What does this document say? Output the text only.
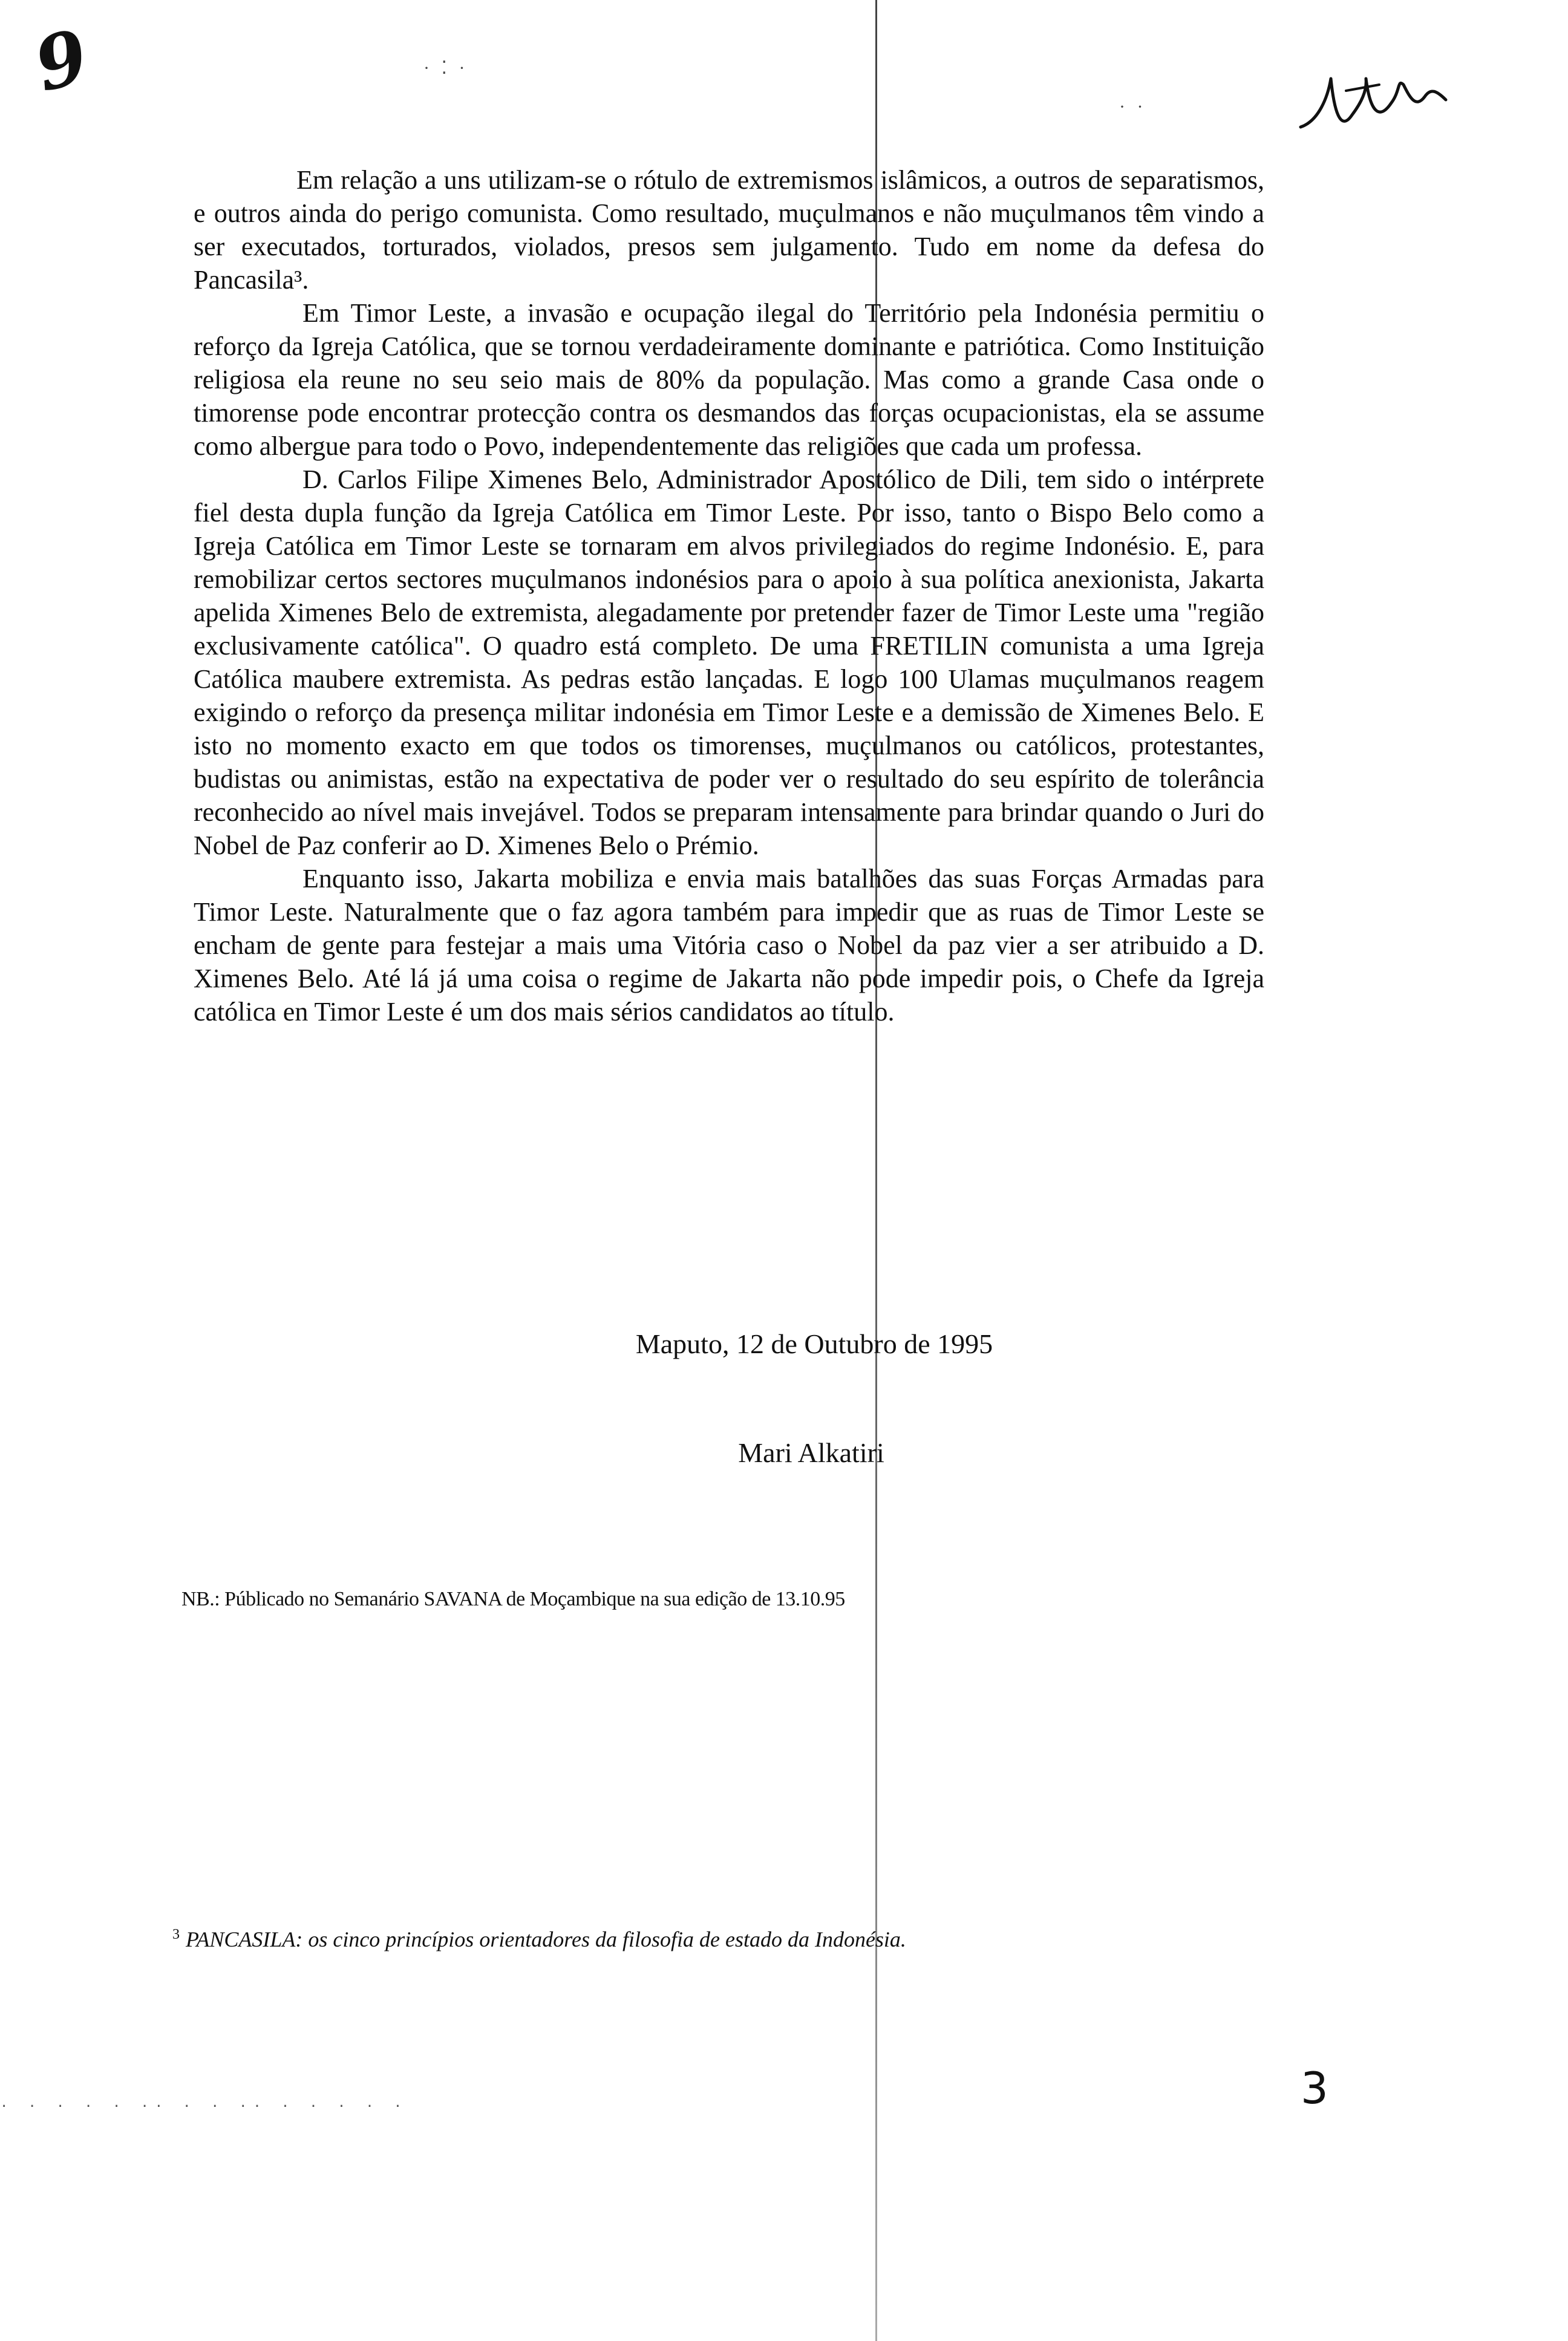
9	· ⁚ ·
· ·

Em relação a uns utilizam-se o rótulo de extremismos islâmicos, a outros de separatismos, e outros ainda do perigo comunista. Como resultado, muçulmanos e não muçulmanos têm vindo a ser executados, torturados, violados, presos sem julgamento. Tudo em nome da defesa do Pancasila³.

Em Timor Leste, a invasão e ocupação ilegal do Território pela Indonésia permitiu o reforço da Igreja Católica, que se tornou verdadeiramente dominante e patriótica. Como Instituição religiosa ela reune no seu seio mais de 80% da população. Mas como a grande Casa onde o timorense pode encontrar protecção contra os desmandos das forças ocupacionistas, ela se assume como albergue para todo o Povo, independentemente das religiões que cada um professa.

D. Carlos Filipe Ximenes Belo, Administrador Apostólico de Dili, tem sido o intérprete fiel desta dupla função da Igreja Católica em Timor Leste. Por isso, tanto o Bispo Belo como a Igreja Católica em Timor Leste se tornaram em alvos privilegiados do regime Indonésio. E, para remobilizar certos sectores muçulmanos indonésios para o apoio à sua política anexionista, Jakarta apelida Ximenes Belo de extremista, alegadamente por pretender fazer de Timor Leste uma "região exclusivamente católica". O quadro está completo. De uma FRETILIN comunista a uma Igreja Católica maubere extremista. As pedras estão lançadas. E logo 100 Ulamas muçulmanos reagem exigindo o reforço da presença militar indonésia em Timor Leste e a demissão de Ximenes Belo. E isto no momento exacto em que todos os timorenses, muçulmanos ou católicos, protestantes, budistas ou animistas, estão na expectativa de poder ver o resultado do seu espírito de tolerância reconhecido ao nível mais invejável. Todos se preparam intensamente para brindar quando o Juri do Nobel de Paz conferir ao D. Ximenes Belo o Prémio.

Enquanto isso, Jakarta mobiliza e envia mais batalhões das suas Forças Armadas para Timor Leste. Naturalmente que o faz agora também para impedir que as ruas de Timor Leste se encham de gente para festejar a mais uma Vitória caso o Nobel da paz vier a ser atribuido a D. Ximenes Belo. Até lá já uma coisa o regime de Jakarta não pode impedir pois, o Chefe da Igreja católica en Timor Leste é um dos mais sérios candidatos ao título.

Maputo, 12 de Outubro de 1995
Mari Alkatiri
NB.: Públicado no Semanário SAVANA de Moçambique na sua edição de 13.10.95
$^3$ PANCASILA: os cinco princípios orientadores da filosofia de estado da Indonésia.
3
· · · · · ·· · · ·· · · · · ·
